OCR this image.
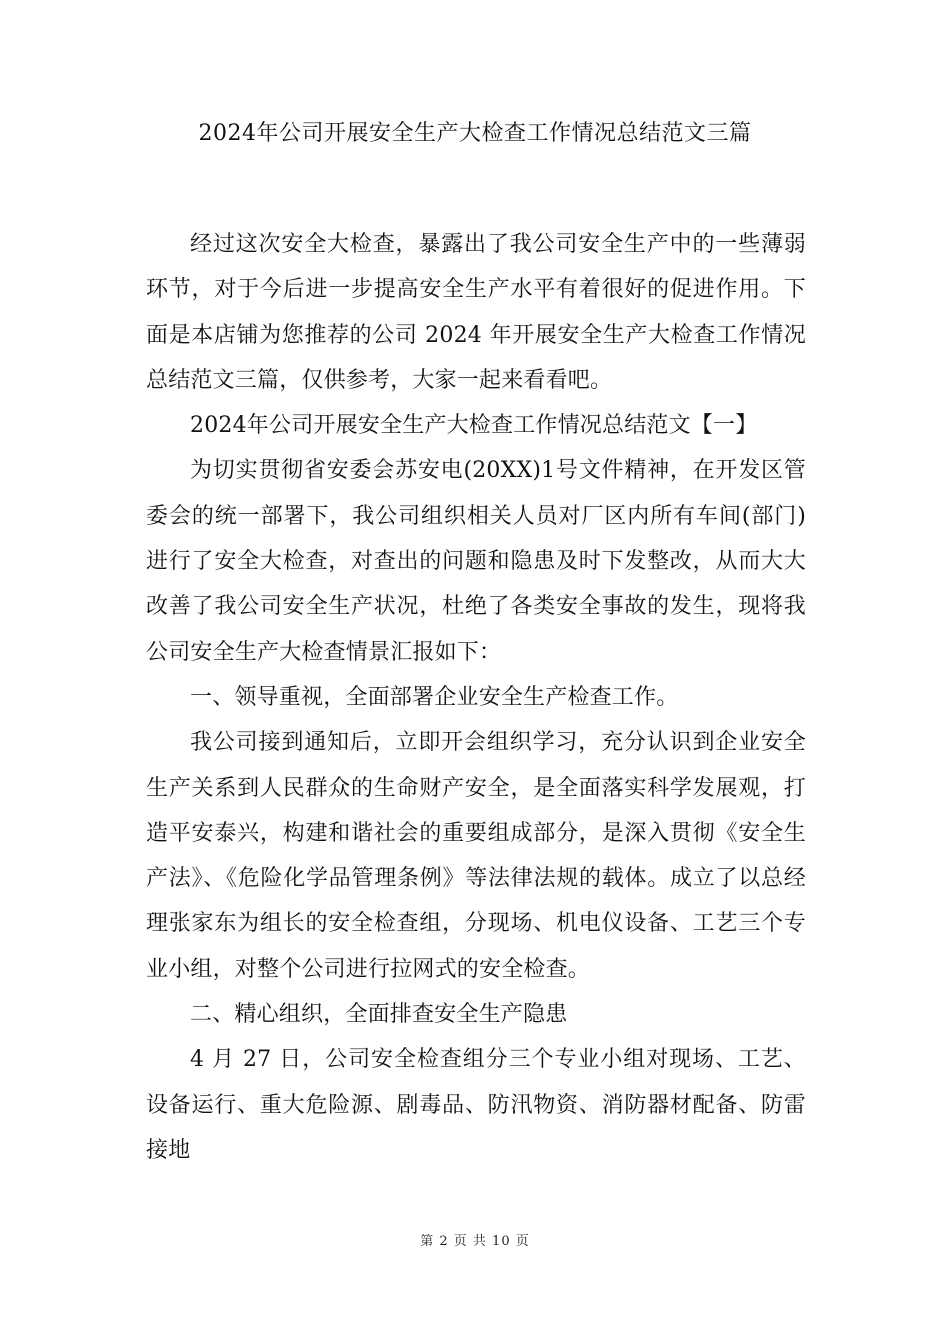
2024年公司开展安全生产大检查工作情况总结范文三篇

经过这次安全大检查，暴露出了我公司安全生产中的一些薄弱环节，对于今后进一步提高安全生产水平有着很好的促进作用。下面是本店铺为您推荐的公司 2024 年开展安全生产大检查工作情况总结范文三篇，仅供参考，大家一起来看看吧。

2024年公司开展安全生产大检查工作情况总结范文【一】

为切实贯彻省安委会苏安电(20XX)1号文件精神，在开发区管委会的统一部署下，我公司组织相关人员对厂区内所有车间(部门)进行了安全大检查，对查出的问题和隐患及时下发整改，从而大大改善了我公司安全生产状况，杜绝了各类安全事故的发生，现将我公司安全生产大检查情景汇报如下：

一、领导重视，全面部署企业安全生产检查工作。

我公司接到通知后，立即开会组织学习，充分认识到企业安全生产关系到人民群众的生命财产安全，是全面落实科学发展观，打造平安泰兴，构建和谐社会的重要组成部分，是深入贯彻《安全生产法》、《危险化学品管理条例》等法律法规的载体。成立了以总经理张家东为组长的安全检查组，分现场、机电仪设备、工艺三个专业小组，对整个公司进行拉网式的安全检查。

二、精心组织，全面排查安全生产隐患

4 月 27 日，公司安全检查组分三个专业小组对现场、工艺、设备运行、重大危险源、剧毒品、防汛物资、消防器材配备、防雷接地

第 2 页 共 10 页
